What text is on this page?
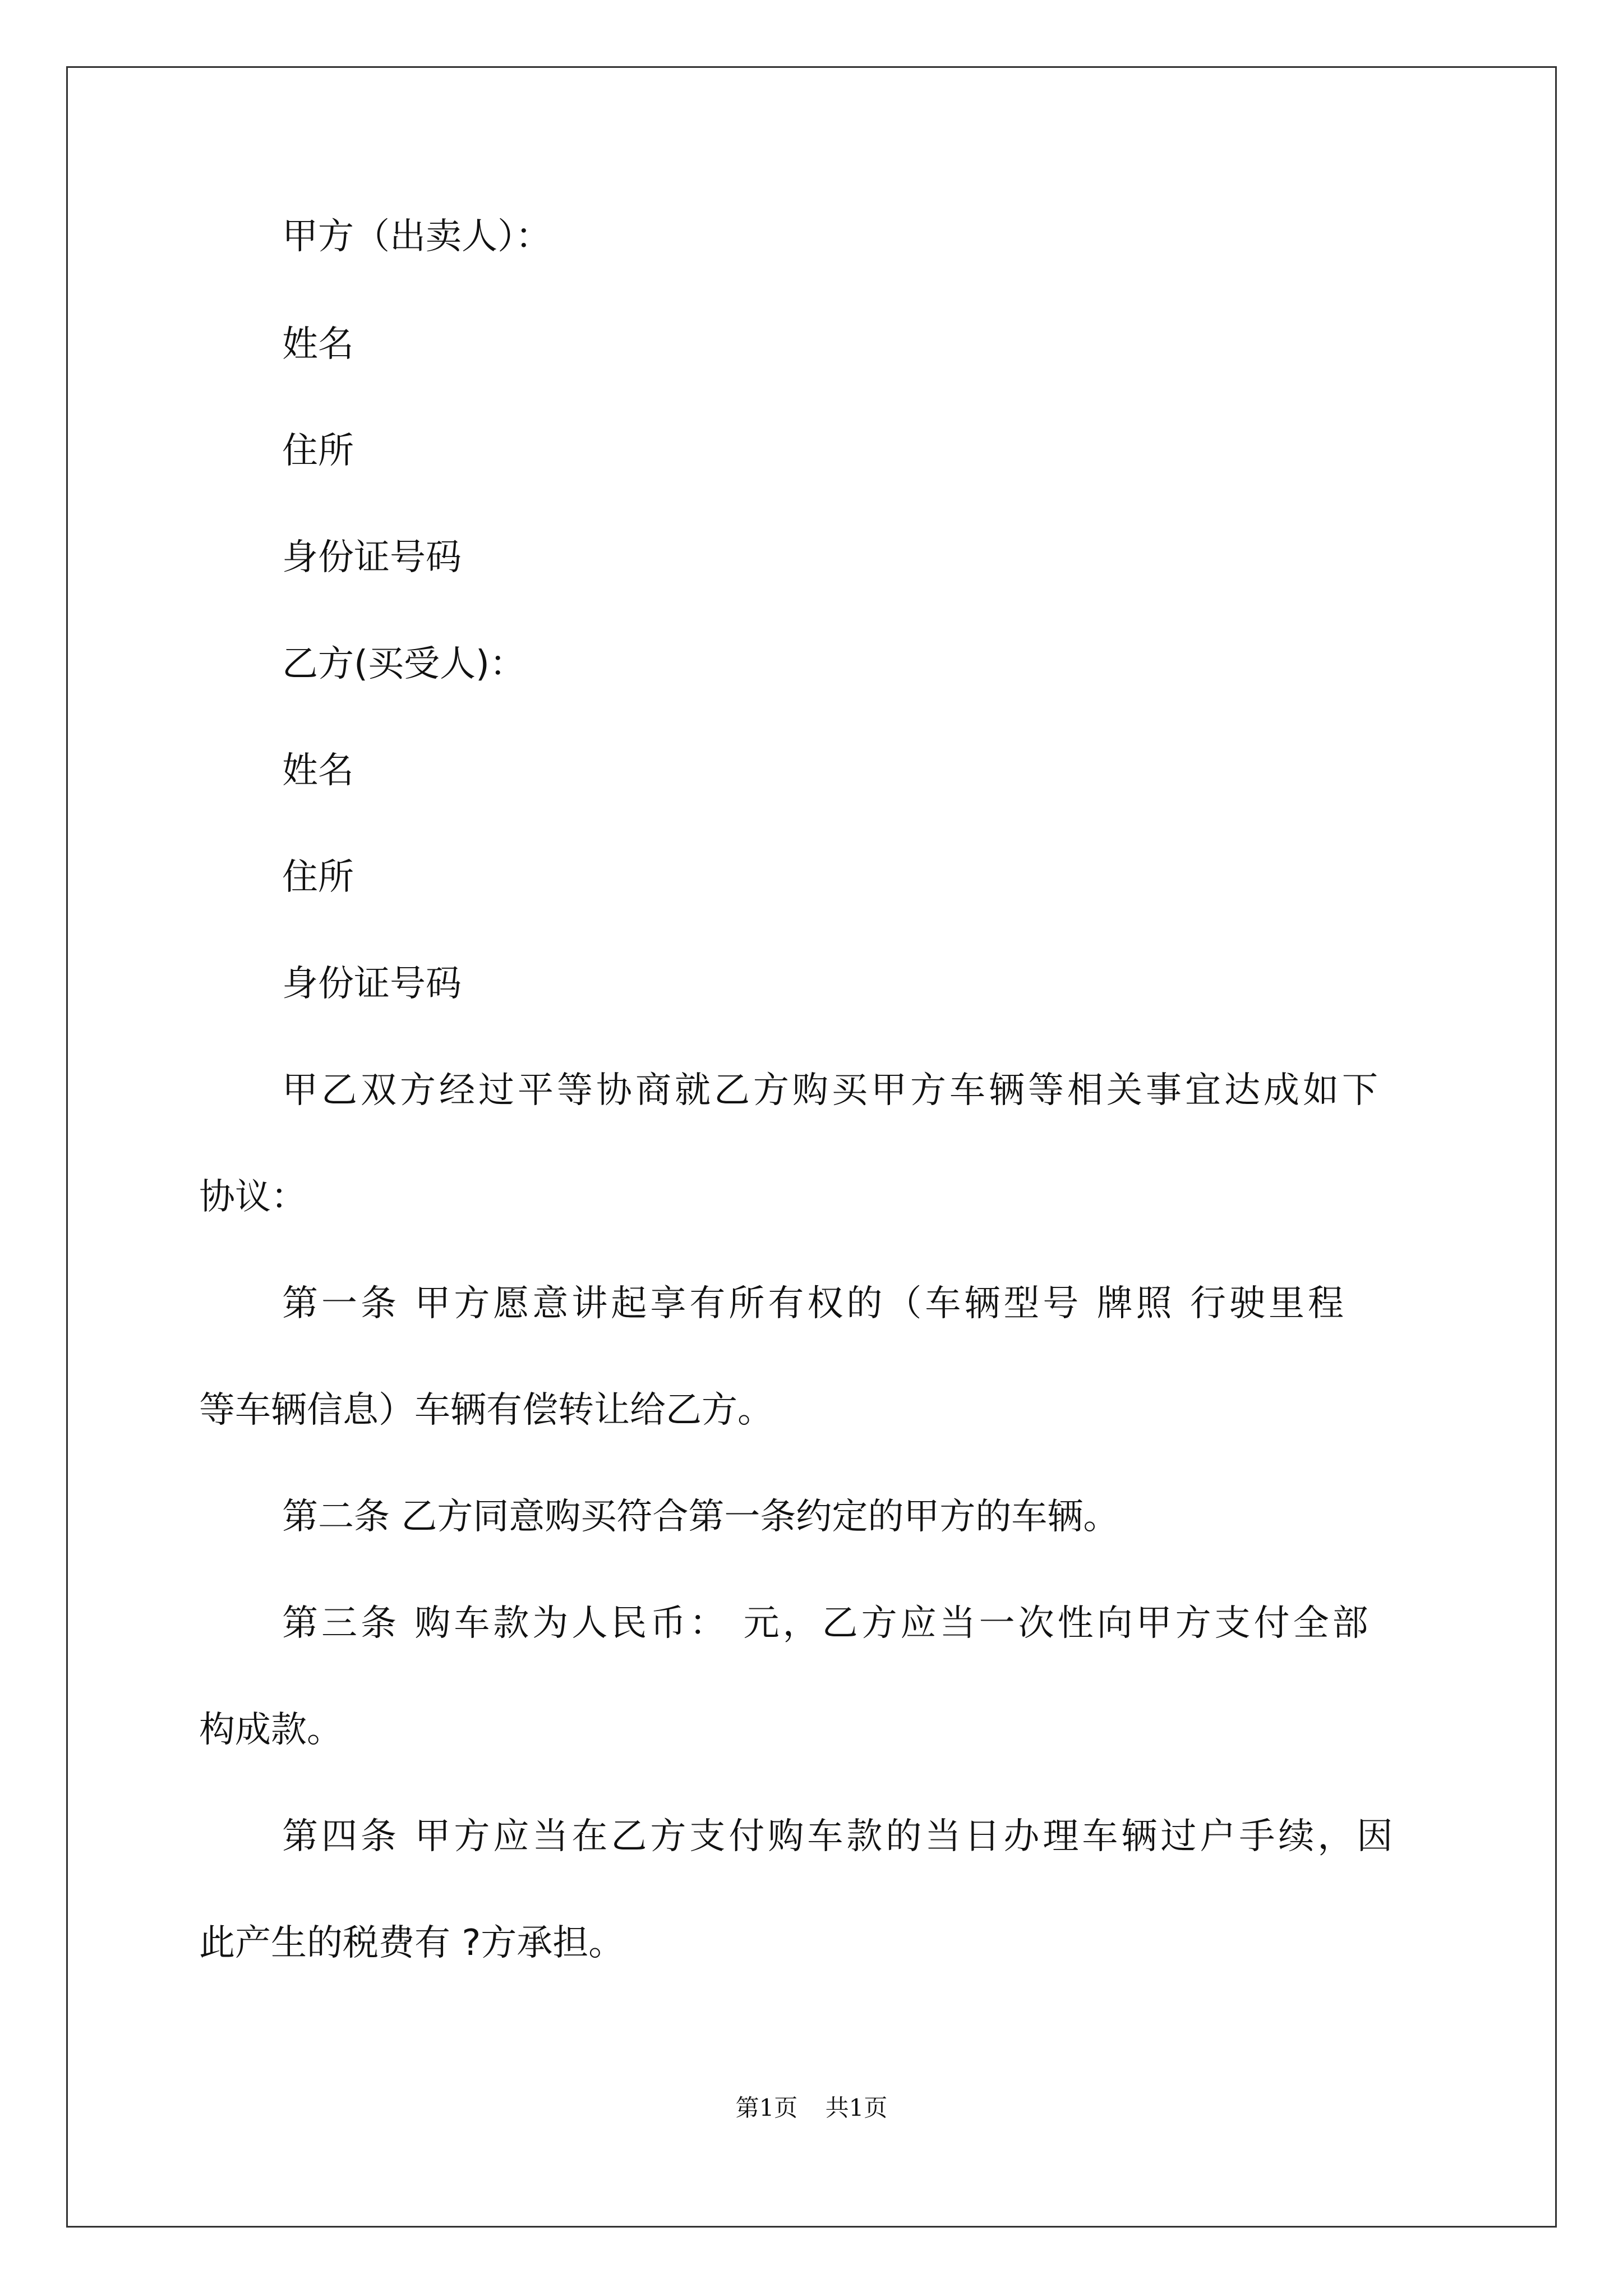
甲方（出卖人）：

姓名

住所

身份证号码

乙方(买受人)：

姓名

住所

身份证号码

甲乙双方经过平等协商就乙方购买甲方车辆等相关事宜达成如下

协议：

第一条 甲方愿意讲起享有所有权的（车辆型号 牌照 行驶里程

等车辆信息）车辆有偿转让给乙方。

第二条 乙方同意购买符合第一条约定的甲方的车辆。

第三条 购车款为人民币： 元，乙方应当一次性向甲方支付全部

构成款。

第四条 甲方应当在乙方支付购车款的当日办理车辆过户手续，因

此产生的税费有 ?方承担。

第1页 共1页
